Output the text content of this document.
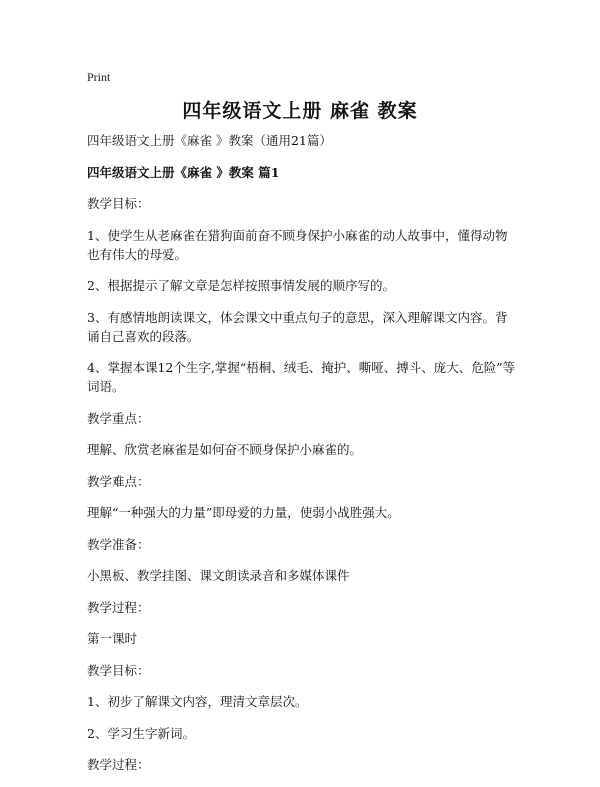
Print
四年级语文上册 麻雀 教案

四年级语文上册《麻雀 》教案（通用21篇）

四年级语文上册《麻雀 》教案 篇1

教学目标：

1、使学生从老麻雀在猎狗面前奋不顾身保护小麻雀的动人故事中，懂得动物也有伟大的母爱。

2、根据提示了解文章是怎样按照事情发展的顺序写的。

3、有感情地朗读课文，体会课文中重点句子的意思，深入理解课文内容。背诵自己喜欢的段落。

4、掌握本课12个生字,掌握“梧桐、绒毛、掩护、嘶哑、搏斗、庞大、危险”等词语。

教学重点：

理解、欣赏老麻雀是如何奋不顾身保护小麻雀的。

教学难点：

理解“一种强大的力量”即母爱的力量，使弱小战胜强大。

教学准备：

小黑板、教学挂图、课文朗读录音和多媒体课件

教学过程：

第一课时

教学目标：

1、初步了解课文内容，理清文章层次。

2、学习生字新词。

教学过程：
